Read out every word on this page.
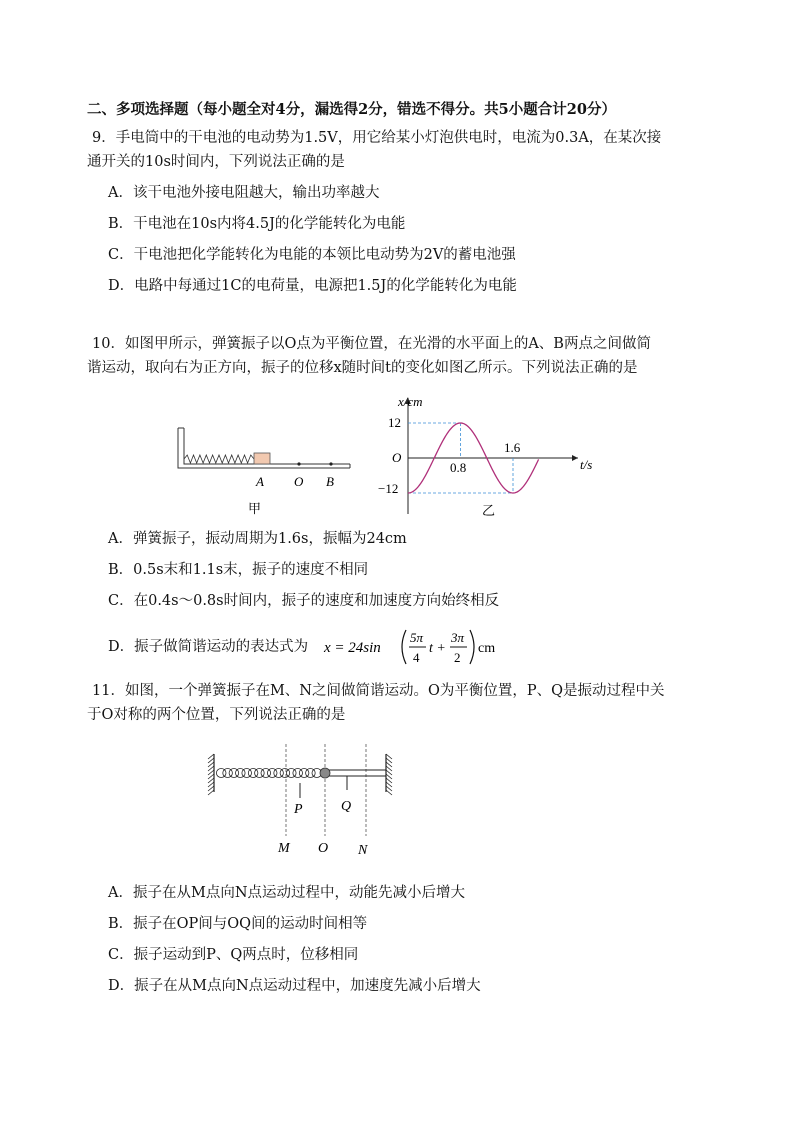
二、多项选择题（每小题全对4分，漏选得2分，错选不得分。共5小题合计20分）
9．手电筒中的干电池的电动势为1.5V，用它给某小灯泡供电时，电流为0.3A，在某次接
通开关的10s时间内，下列说法正确的是
A．该干电池外接电阻越大，输出功率越大
B．干电池在10s内将4.5J的化学能转化为电能
C．干电池把化学能转化为电能的本领比电动势为2V的蓄电池强
D．电路中每通过1C的电荷量，电源把1.5J的化学能转化为电能
10．如图甲所示，弹簧振子以O点为平衡位置，在光滑的水平面上的A、B两点之间做简
谐运动，取向右为正方向，振子的位移x随时间t的变化如图乙所示。下列说法正确的是
A O B
甲
x/cm
t/s
O
12
−12
0.8
1.6
乙
A．弹簧振子，振动周期为1.6s，振幅为24cm
B．0.5s末和1.1s末，振子的速度不相同
C．在0.4s～0.8s时间内，振子的速度和加速度方向始终相反
D．振子做简谐运动的表达式为 x = 24sin
5π
4
t +
3π
2
cm
11．如图，一个弹簧振子在M、N之间做简谐运动。O为平衡位置，P、Q是振动过程中关
于O对称的两个位置，下列说法正确的是
P	Q
M O N
A．振子在从M点向N点运动过程中，动能先减小后增大
B．振子在OP间与OQ间的运动时间相等
C．振子运动到P、Q两点时，位移相同
D．振子在从M点向N点运动过程中，加速度先减小后增大
